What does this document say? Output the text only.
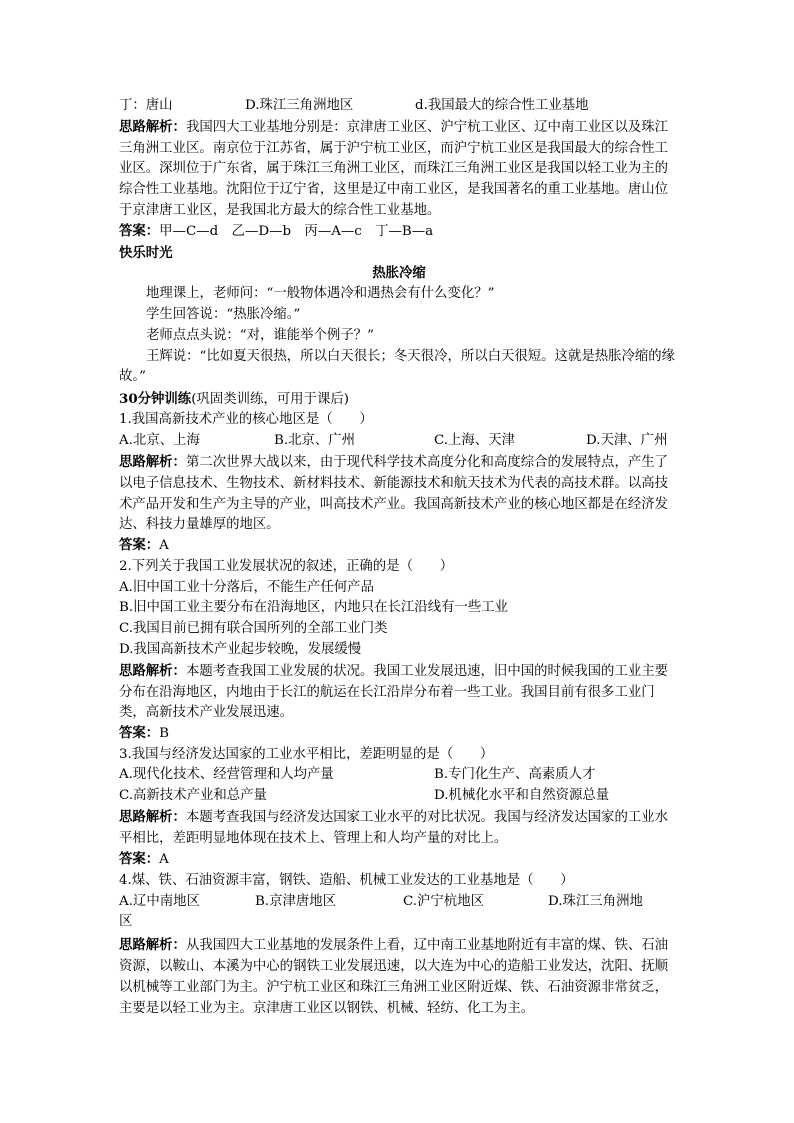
丁：唐山	D.珠江三角洲地区	d.我国最大的综合性工业基地
思路解析：我国四大工业基地分别是：京津唐工业区、沪宁杭工业区、辽中南工业区以及珠江三角洲工业区。南京位于江苏省，属于沪宁杭工业区，而沪宁杭工业区是我国最大的综合性工业区。深圳位于广东省，属于珠江三角洲工业区，而珠江三角洲工业区是我国以轻工业为主的综合性工业基地。沈阳位于辽宁省，这里是辽中南工业区，是我国著名的重工业基地。唐山位于京津唐工业区，是我国北方最大的综合性工业基地。
答案：甲—C—d　乙—D—b　丙—A—c　丁—B—a
快乐时光
热胀冷缩
地理课上，老师问：“一般物体遇冷和遇热会有什么变化？”
学生回答说：“热胀冷缩。”
老师点点头说：“对，谁能举个例子？”
王辉说：“比如夏天很热，所以白天很长；冬天很冷，所以白天很短。这就是热胀冷缩的缘故。”
30分钟训练(巩固类训练，可用于课后)
1.我国高新技术产业的核心地区是（　　）
A.北京、上海	B.北京、广州	C.上海、天津	D.天津、广州
思路解析：第二次世界大战以来，由于现代科学技术高度分化和高度综合的发展特点，产生了以电子信息技术、生物技术、新材料技术、新能源技术和航天技术为代表的高技术群。以高技术产品开发和生产为主导的产业，叫高技术产业。我国高新技术产业的核心地区都是在经济发达、科技力量雄厚的地区。
答案：A
2.下列关于我国工业发展状况的叙述，正确的是（　　）
A.旧中国工业十分落后，不能生产任何产品
B.旧中国工业主要分布在沿海地区，内地只在长江沿线有一些工业
C.我国目前已拥有联合国所列的全部工业门类
D.我国高新技术产业起步较晚，发展缓慢
思路解析：本题考查我国工业发展的状况。我国工业发展迅速，旧中国的时候我国的工业主要分布在沿海地区，内地由于长江的航运在长江沿岸分布着一些工业。我国目前有很多工业门类，高新技术产业发展迅速。
答案：B
3.我国与经济发达国家的工业水平相比，差距明显的是（　　）
A.现代化技术、经营管理和人均产量	B.专门化生产、高素质人才
C.高新技术产业和总产量	D.机械化水平和自然资源总量
思路解析：本题考查我国与经济发达国家工业水平的对比状况。我国与经济发达国家的工业水平相比，差距明显地体现在技术上、管理上和人均产量的对比上。
答案：A
4.煤、铁、石油资源丰富，钢铁、造船、机械工业发达的工业基地是（　　）
A.辽中南地区	B.京津唐地区	C.沪宁杭地区	D.珠江三角洲地
区
思路解析：从我国四大工业基地的发展条件上看，辽中南工业基地附近有丰富的煤、铁、石油资源，以鞍山、本溪为中心的钢铁工业发展迅速，以大连为中心的造船工业发达，沈阳、抚顺以机械等工业部门为主。沪宁杭工业区和珠江三角洲工业区附近煤、铁、石油资源非常贫乏，主要是以轻工业为主。京津唐工业区以钢铁、机械、轻纺、化工为主。
